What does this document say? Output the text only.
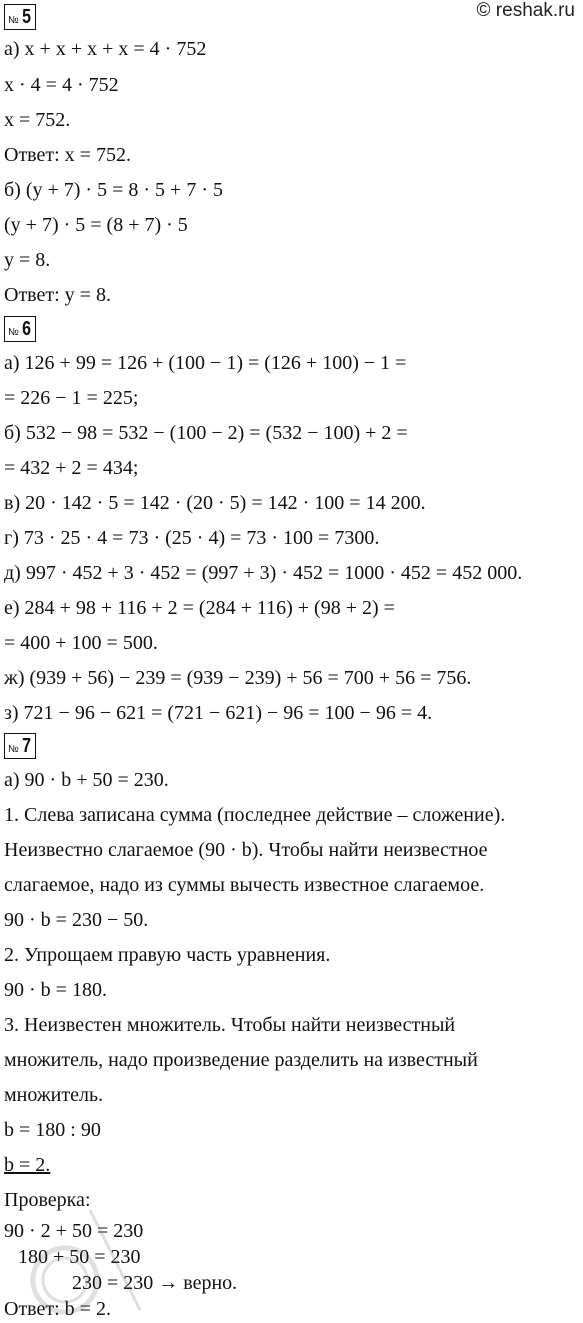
© reshak.ru
№ 5
а) x + x + x + x = 4 · 752
x · 4 = 4 · 752
x = 752.
Ответ: x = 752.
б) (y + 7) · 5 = 8 · 5 + 7 · 5
(y + 7) · 5 = (8 + 7) · 5
y = 8.
Ответ: y = 8.
№ 6
а) 126 + 99 = 126 + (100 − 1) = (126 + 100) − 1 =
= 226 − 1 = 225;
б) 532 − 98 = 532 − (100 − 2) = (532 − 100) + 2 =
= 432 + 2 = 434;
в) 20 · 142 · 5 = 142 · (20 · 5) = 142 · 100 = 14 200.
г) 73 · 25 · 4 = 73 · (25 · 4) = 73 · 100 = 7300.
д) 997 · 452 + 3 · 452 = (997 + 3) · 452 = 1000 · 452 = 452 000.
е) 284 + 98 + 116 + 2 = (284 + 116) + (98 + 2) =
= 400 + 100 = 500.
ж) (939 + 56) − 239 = (939 − 239) + 56 = 700 + 56 = 756.
з) 721 − 96 − 621 = (721 − 621) − 96 = 100 − 96 = 4.
№ 7
а) 90 · b + 50 = 230.
1. Слева записана сумма (последнее действие – сложение).
Неизвестно слагаемое (90 · b). Чтобы найти неизвестное
слагаемое, надо из суммы вычесть известное слагаемое.
90 · b = 230 − 50.
2. Упрощаем правую часть уравнения.
90 · b = 180.
3. Неизвестен множитель. Чтобы найти неизвестный
множитель, надо произведение разделить на известный
множитель.
b = 180 : 90
b = 2.
Проверка:
90 · 2 + 50 = 230
180 + 50 = 230
230 = 230 → верно.
Ответ: b = 2.
